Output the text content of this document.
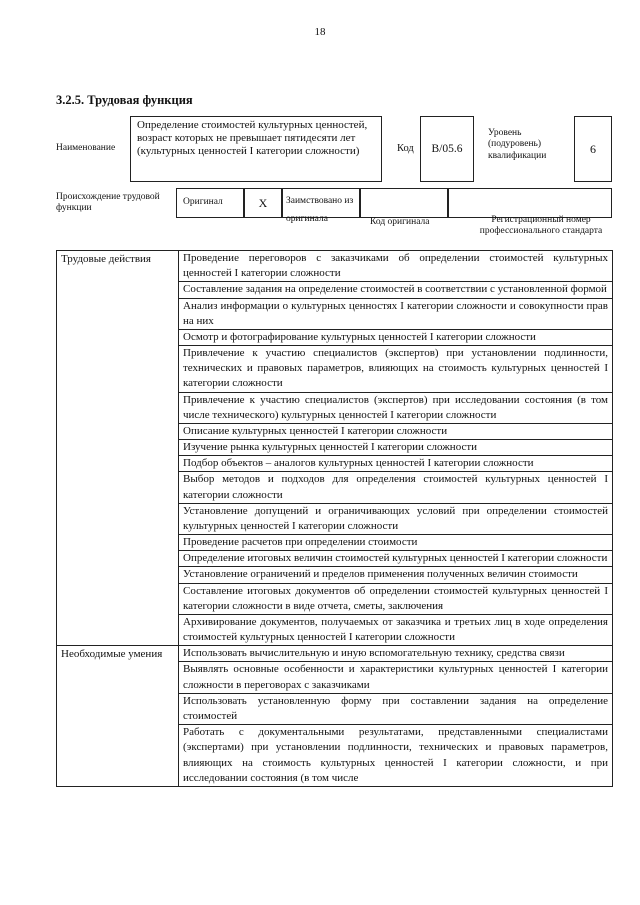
18
3.2.5. Трудовая функция
Наименование
Определение стоимостей культурных ценностей, возраст которых не превышает пятидесяти лет (культурных ценностей I категории сложности)	Код	B/05.6
Уровень (подуровень) квалификации
6
Происхождение трудовой функции
Оригинал	X	Заимствовано из оригинала	Код оригинала	Регистрационный номер профессионального стандарта
Трудовые действия	Проведение переговоров с заказчиками об определении стоимостей культурных ценностей I категории сложности
	Составление задания на определение стоимостей в соответствии с установленной формой
	Анализ информации о культурных ценностях I категории сложности и совокупности прав на них
	Осмотр и фотографирование культурных ценностей I категории сложности
	Привлечение к участию специалистов (экспертов) при установлении подлинности, технических и правовых параметров, влияющих на стоимость культурных ценностей I категории сложности
	Привлечение к участию специалистов (экспертов) при исследовании состояния (в том числе технического) культурных ценностей I категории сложности
	Описание культурных ценностей I категории сложности
	Изучение рынка культурных ценностей I категории сложности
	Подбор объектов – аналогов культурных ценностей I категории сложности
	Выбор методов и подходов для определения стоимостей культурных ценностей I категории сложности
	Установление допущений и ограничивающих условий при определении стоимостей культурных ценностей I категории сложности
	Проведение расчетов при определении стоимости
	Определение итоговых величин стоимостей культурных ценностей I категории сложности
	Установление ограничений и пределов применения полученных величин стоимости
	Составление итоговых документов об определении стоимостей культурных ценностей I категории сложности в виде отчета, сметы, заключения
	Архивирование документов, получаемых от заказчика и третьих лиц в ходе определения стоимостей культурных ценностей I категории сложности
Необходимые умения	Использовать вычислительную и иную вспомогательную технику, средства связи
	Выявлять основные особенности и характеристики культурных ценностей I категории сложности в переговорах с заказчиками
	Использовать установленную форму при составлении задания на определение стоимостей
	Работать с документальными результатами, представленными специалистами (экспертами) при установлении подлинности, технических и правовых параметров, влияющих на стоимость культурных ценностей I категории сложности, и при исследовании состояния (в том числе
